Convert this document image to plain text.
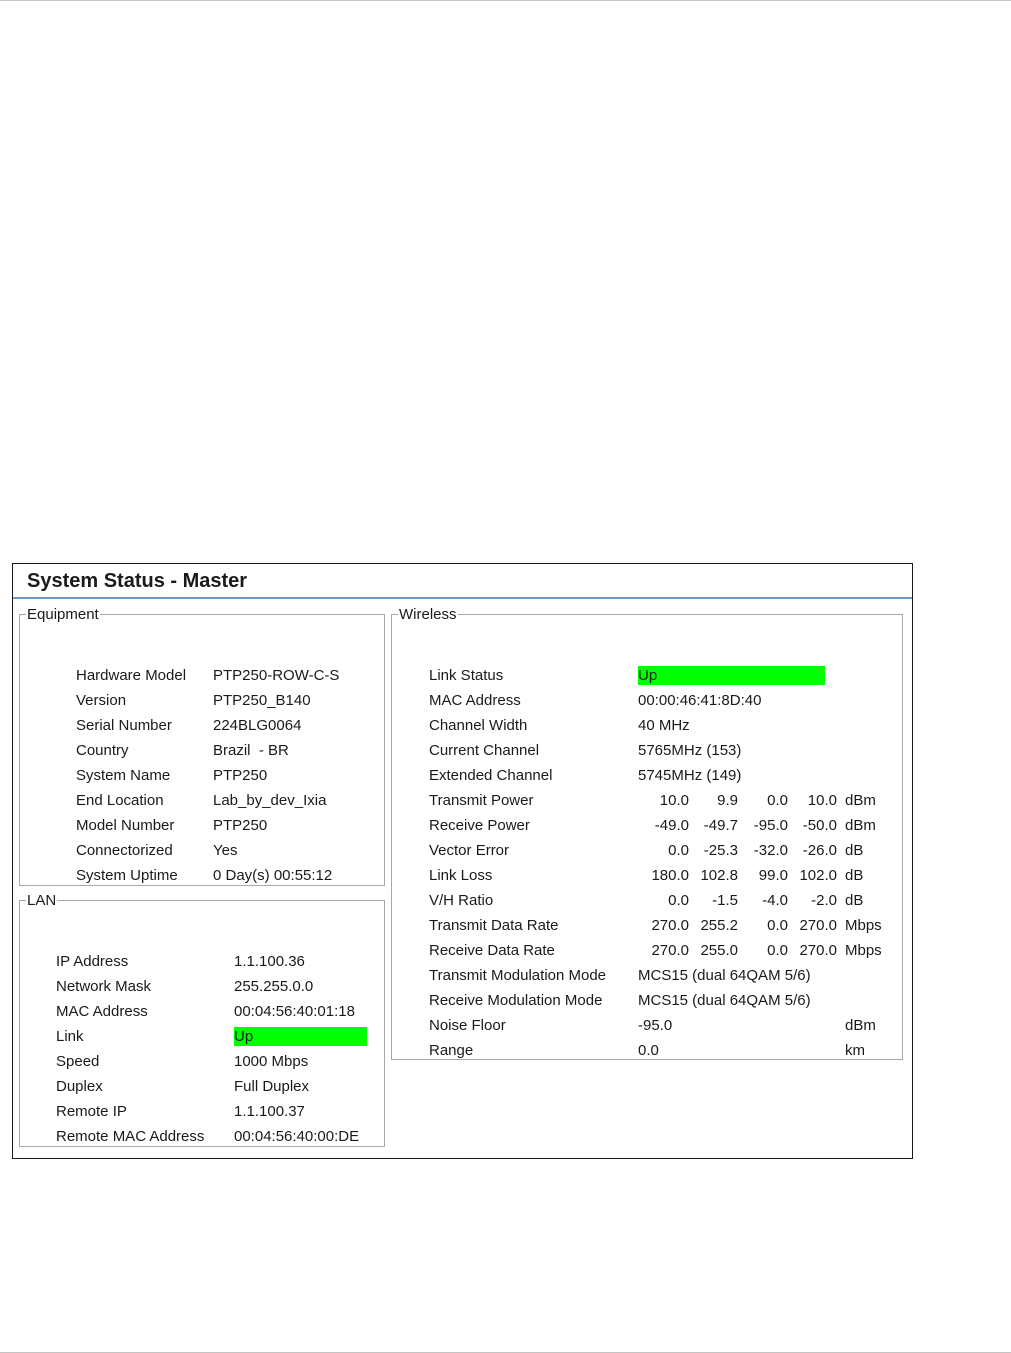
System Status - Master
Equipment
Hardware Model PTP250-ROW-C-S
Version	PTP250_B140
Serial Number	224BLG0064
Country	Brazil  - BR
System Name	PTP250
End Location	Lab_by_dev_Ixia
Model Number	PTP250
Connectorized	Yes
System Uptime 0 Day(s) 00:55:12
LAN
IP Address	1.1.100.36
Network Mask	255.255.0.0
MAC Address	00:04:56:40:01:18
Link	Up
Speed	1000 Mbps
Duplex	Full Duplex
Remote IP	1.1.100.37
Remote MAC Address 00:04:56:40:00:DE
Wireless
Link Status	Up
MAC Address	00:00:46:41:8D:40
Channel Width	40 MHz
Current Channel	5765MHz (153)
Extended Channel	5745MHz (149)
Transmit Power	10.0	9.9	0.0	10.0 dBm
Receive Power	-49.0 -49.7	-95.0 -50.0 dBm
Vector Error	0.0 -25.3	-32.0 -26.0 dB
Link Loss	180.0 102.8	99.0 102.0 dB
V/H Ratio	0.0	-1.5	-4.0	-2.0 dB
Transmit Data Rate	270.0 255.2	0.0 270.0 Mbps
Receive Data Rate	270.0 255.0	0.0 270.0 Mbps
Transmit Modulation Mode MCS15 (dual 64QAM 5/6)
Receive Modulation Mode MCS15 (dual 64QAM 5/6)
Noise Floor	-95.0	dBm
Range	0.0	km
